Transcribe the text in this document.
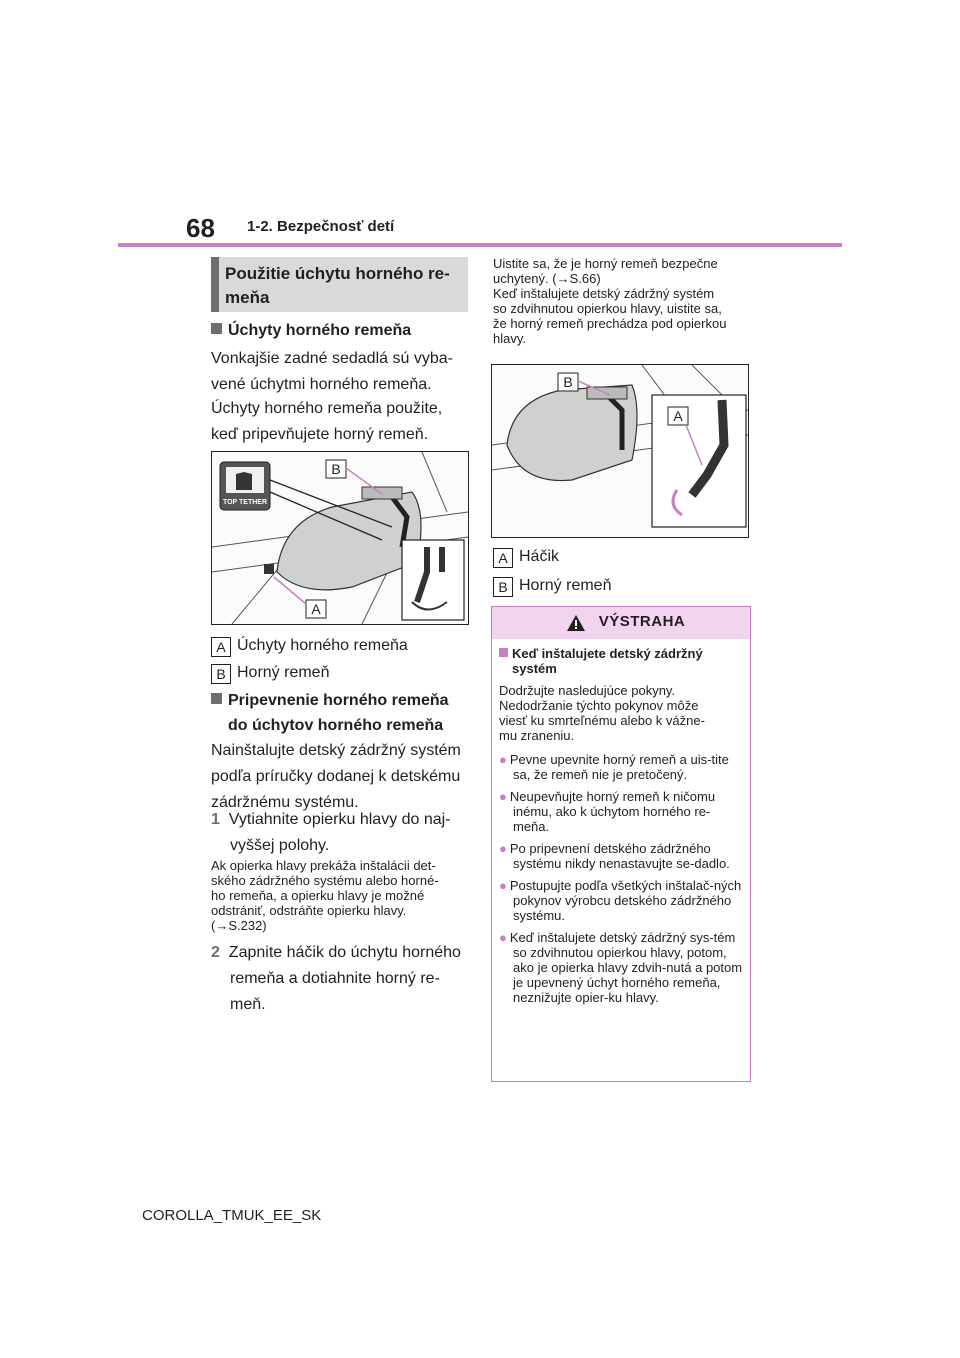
68 1-2. Bezpečnosť detí
Použitie úchytu horného re-
meňa
Úchyty horného remeňa
Vonkajšie zadné sedadlá sú vyba-
vené úchytmi horného remeňa.
Úchyty horného remeňa použite,
keď pripevňujete horný remeň.
TOP TETHER
B
A
A Úchyty horného remeňa
B Horný remeň
Pripevnenie horného remeňa
do úchytov horného remeňa
Nainštalujte detský zádržný systém
podľa príručky dodanej k detskému
zádržnému systému.
1 Vytiahnite opierku hlavy do naj-
vyššej polohy.
Ak opierka hlavy prekáža inštalácii det-
ského zádržného systému alebo horné-
ho remeňa, a opierku hlavy je možné
odstrániť, odstráňte opierku hlavy.
(→S.232)
2 Zapnite háčik do úchytu horného
remeňa a dotiahnite horný re-
meň.
Uistite sa, že je horný remeň bezpečne
uchytený. (→S.66)
Keď inštalujete detský zádržný systém
so zdvihnutou opierkou hlavy, uistite sa,
že horný remeň prechádza pod opierkou
hlavy.
B
A
A Háčik
B Horný remeň
VÝSTRAHA
Keď inštalujete detský zádržný
systém
Dodržujte nasledujúce pokyny.
Nedodržanie týchto pokynov môže
viesť ku smrteľnému alebo k vážne-
mu zraneniu.
● Pevne upevnite horný remeň a uis-tite sa, že remeň nie je pretočený.
● Neupevňujte horný remeň k ničomu inému, ako k úchytom horného re-meňa.
● Po pripevnení detského zádržného systému nikdy nenastavujte se-dadlo.
● Postupujte podľa všetkých inštalač-ných pokynov výrobcu detského zádržného systému.
● Keď inštalujete detský zádržný sys-tém so zdvihnutou opierkou hlavy, potom, ako je opierka hlavy zdvih-nutá a potom je upevnený úchyt horného remeňa, neznižujte opier-ku hlavy.
COROLLA_TMUK_EE_SK
